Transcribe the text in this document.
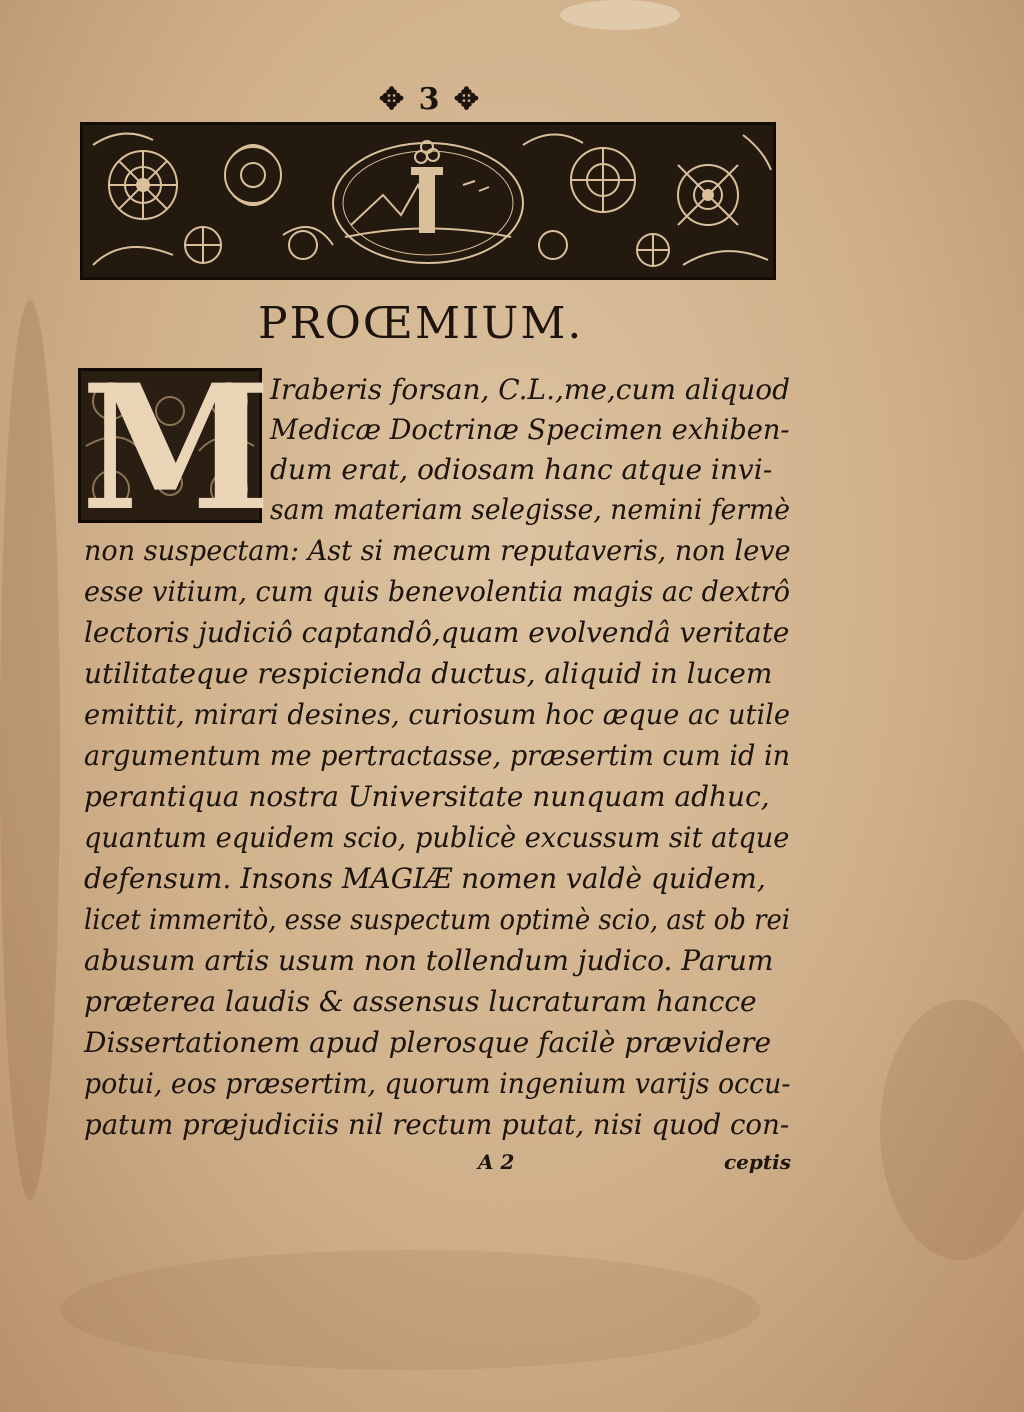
✥ 3 ✥
PROŒMIUM.
M
Iraberis forsan, C.L.,me,cum aliquod
Medicæ Doctrinæ Specimen exhiben-
dum erat, odiosam hanc atque invi-
sam materiam selegisse, nemini fermè
non suspectam: Ast si mecum reputaveris, non leve
esse vitium, cum quis benevolentia magis ac dextrô
lectoris judiciô captandô,quam evolvendâ veritate
utilitateque respicienda ductus, aliquid in lucem
emittit, mirari desines, curiosum hoc æque ac utile
argumentum me pertractasse, præsertim cum id in
perantiqua nostra Universitate nunquam adhuc,
quantum equidem scio, publicè excussum sit atque
defensum. Insons MAGIÆ nomen valdè quidem,
licet immeritò, esse suspectum optimè scio, ast ob rei
abusum artis usum non tollendum judico. Parum
præterea laudis & assensus lucraturam hancce
Dissertationem apud plerosque facilè prævidere
potui, eos præsertim, quorum ingenium varijs occu-
patum præjudiciis nil rectum putat, nisi quod con-
A 2	ceptis
